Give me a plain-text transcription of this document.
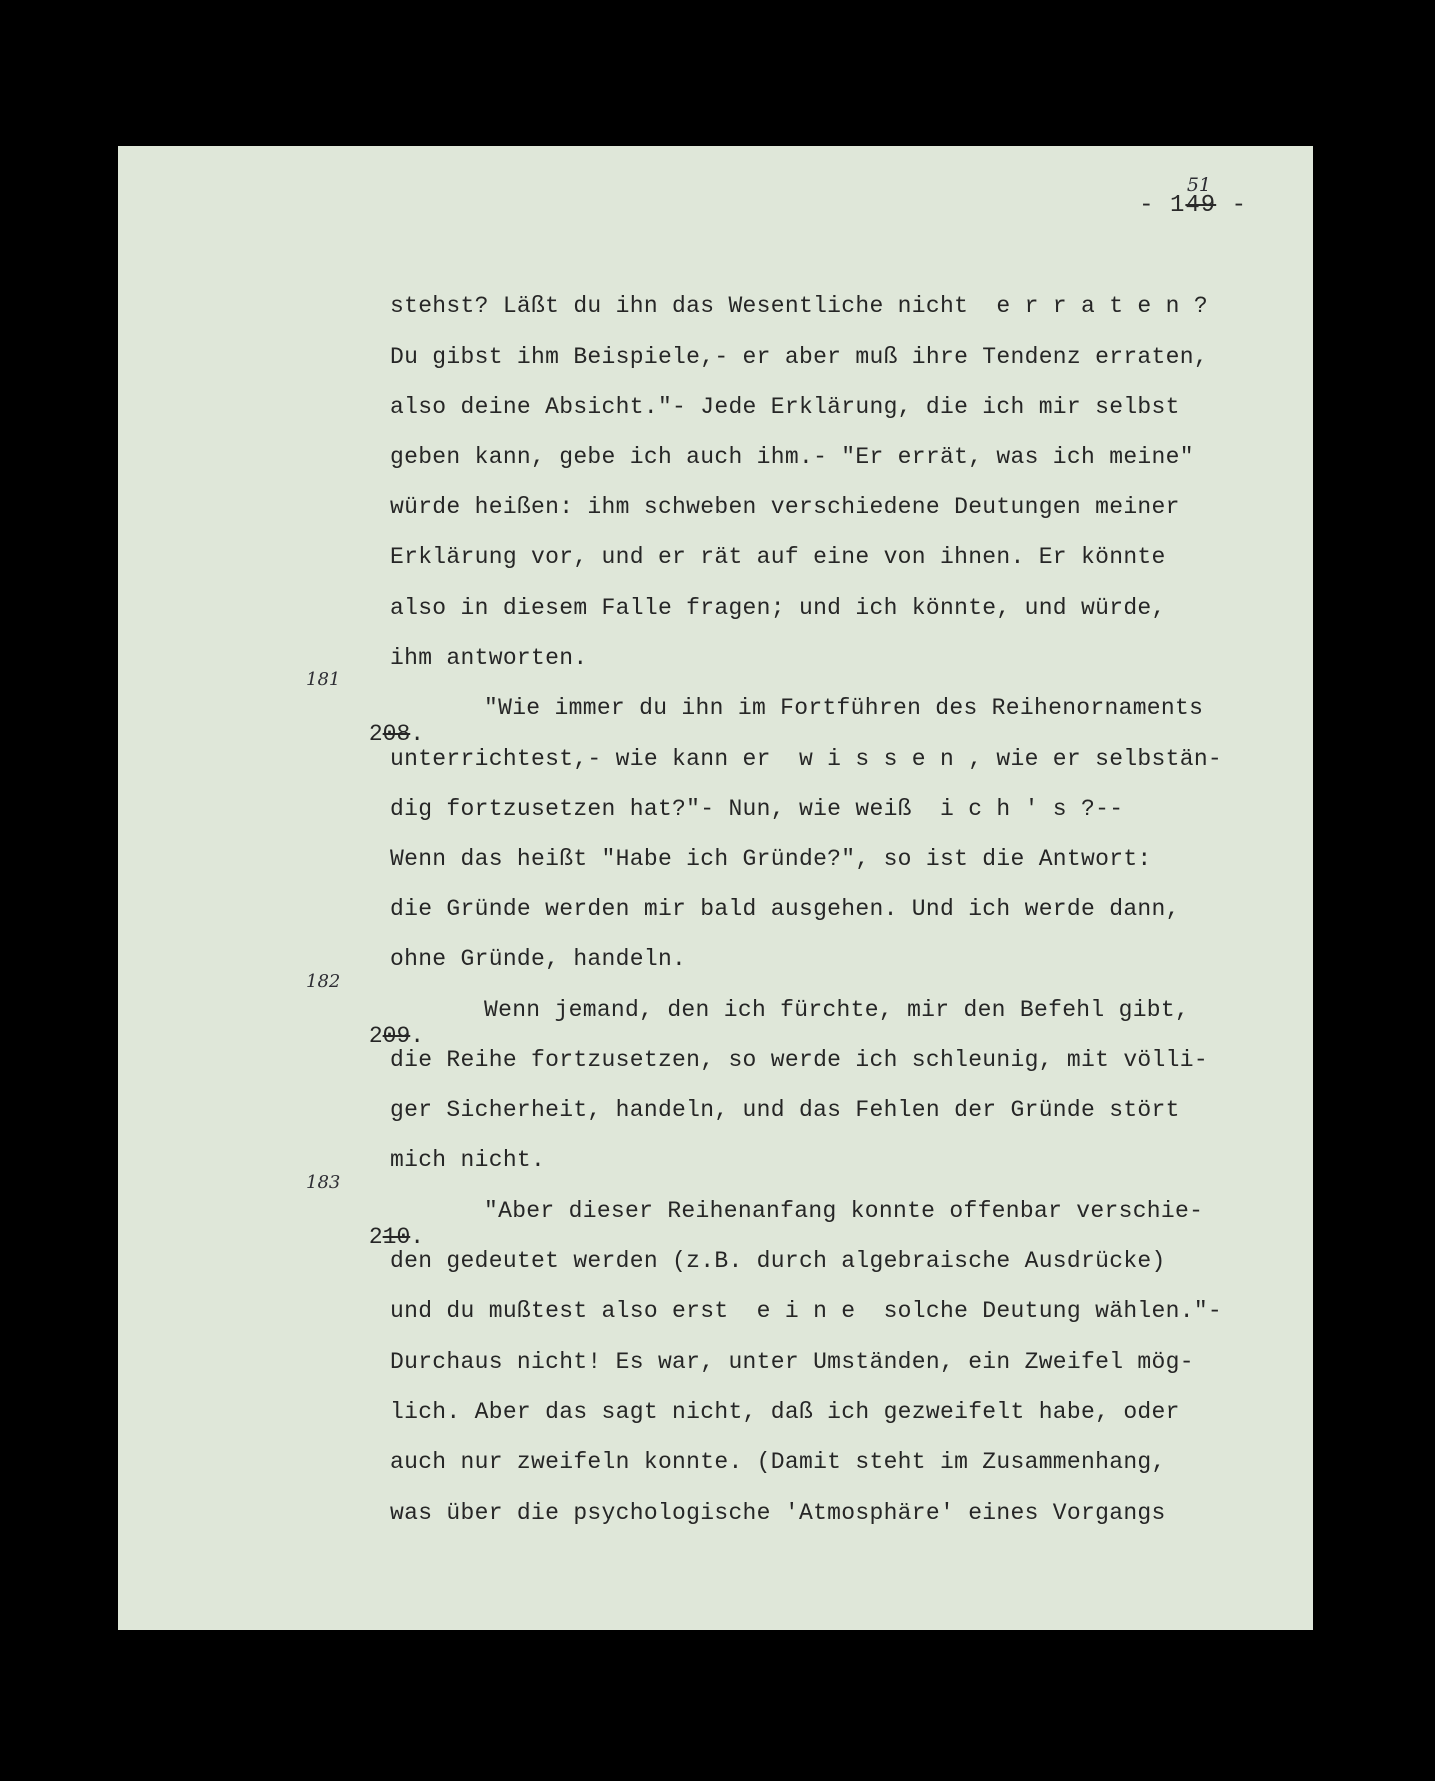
51
- 149 -
stehst? Läßt du ihn das Wesentliche nicht  e r r a t e n ?
Du gibst ihm Beispiele,- er aber muß ihre Tendenz erraten,
also deine Absicht."- Jede Erklärung, die ich mir selbst
geben kann, gebe ich auch ihm.- "Er errät, was ich meine"
würde heißen: ihm schweben verschiedene Deutungen meiner
Erklärung vor, und er rät auf eine von ihnen. Er könnte
also in diesem Falle fragen; und ich könnte, und würde,
ihm antworten.

181
208.

"Wie immer du ihn im Fortführen des Reihenornaments
unterrichtest,- wie kann er  w i s s e n , wie er selbstän-
dig fortzusetzen hat?"- Nun, wie weiß  i c h ' s ?--
Wenn das heißt "Habe ich Gründe?", so ist die Antwort:
die Gründe werden mir bald ausgehen. Und ich werde dann,
ohne Gründe, handeln.

182
209.

Wenn jemand, den ich fürchte, mir den Befehl gibt,
die Reihe fortzusetzen, so werde ich schleunig, mit völli-
ger Sicherheit, handeln, und das Fehlen der Gründe stört
mich nicht.

183
210.

"Aber dieser Reihenanfang konnte offenbar verschie-
den gedeutet werden (z.B. durch algebraische Ausdrücke)
und du mußtest also erst  e i n e  solche Deutung wählen."-
Durchaus nicht! Es war, unter Umständen, ein Zweifel mög-
lich. Aber das sagt nicht, daß ich gezweifelt habe, oder
auch nur zweifeln konnte. (Damit steht im Zusammenhang,
was über die psychologische 'Atmosphäre' eines Vorgangs
